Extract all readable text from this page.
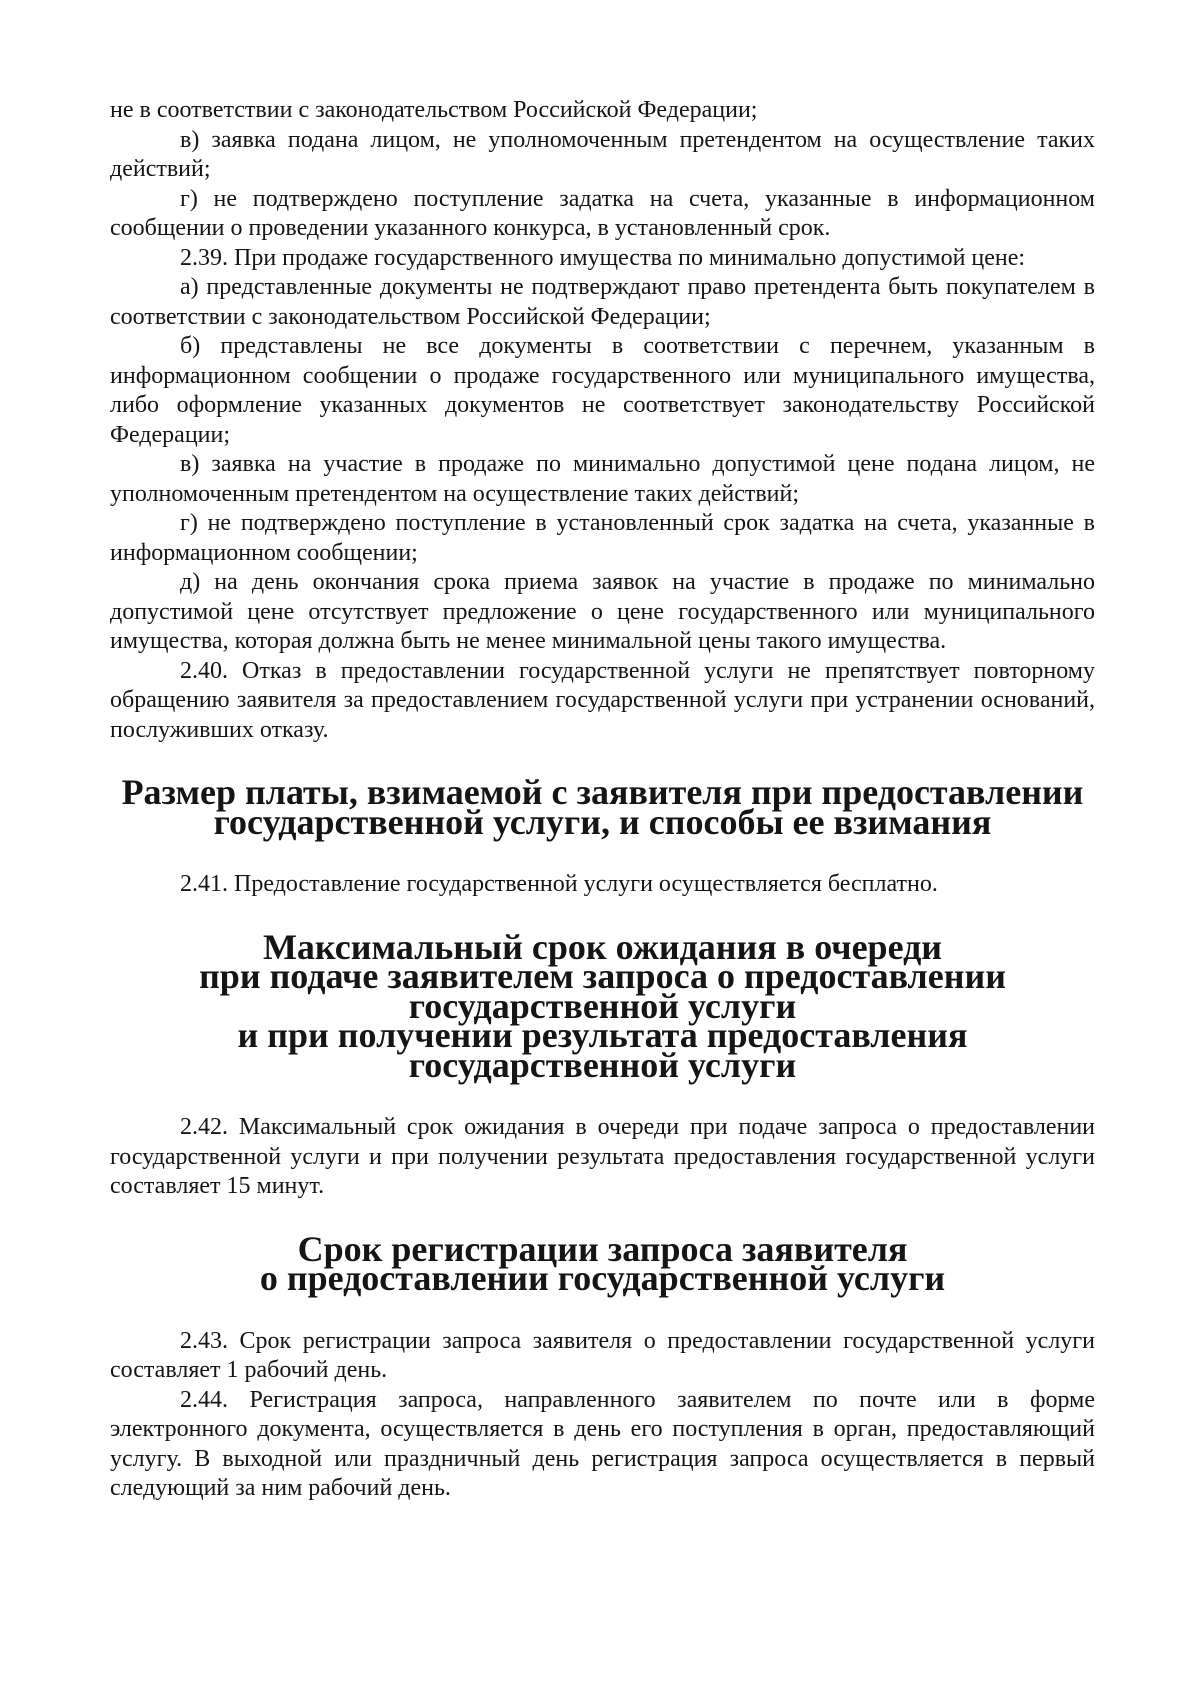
не в соответствии с законодательством Российской Федерации;

в) заявка подана лицом, не уполномоченным претендентом на осуществление таких действий;

г) не подтверждено поступление задатка на счета, указанные в информационном сообщении о проведении указанного конкурса, в установленный срок.

2.39. При продаже государственного имущества по минимально допустимой цене:

а) представленные документы не подтверждают право претендента быть покупателем в соответствии с законодательством Российской Федерации;

б) представлены не все документы в соответствии с перечнем, указанным в информационном сообщении о продаже государственного или муниципального имущества, либо оформление указанных документов не соответствует законодательству Российской Федерации;

в) заявка на участие в продаже по минимально допустимой цене подана лицом, не уполномоченным претендентом на осуществление таких действий;

г) не подтверждено поступление в установленный срок задатка на счета, указанные в информационном сообщении;

д) на день окончания срока приема заявок на участие в продаже по минимально допустимой цене отсутствует предложение о цене государственного или муниципального имущества, которая должна быть не менее минимальной цены такого имущества.

2.40. Отказ в предоставлении государственной услуги не препятствует повторному обращению заявителя за предоставлением государственной услуги при устранении оснований, послуживших отказу.

Размер платы, взимаемой с заявителя при предоставлении
государственной услуги, и способы ее взимания

2.41. Предоставление государственной услуги осуществляется бесплатно.

Максимальный срок ожидания в очереди
при подаче заявителем запроса о предоставлении государственной услуги
и при получении результата предоставления государственной услуги

2.42. Максимальный срок ожидания в очереди при подаче запроса о предоставлении государственной услуги и при получении результата предоставления государственной услуги составляет 15 минут.

Срок регистрации запроса заявителя
о предоставлении государственной услуги

2.43. Срок регистрации запроса заявителя о предоставлении государственной услуги составляет 1 рабочий день.

2.44. Регистрация запроса, направленного заявителем по почте или в форме электронного документа, осуществляется в день его поступления в орган, предоставляющий услугу. В выходной или праздничный день регистрация запроса осуществляется в первый следующий за ним рабочий день.
